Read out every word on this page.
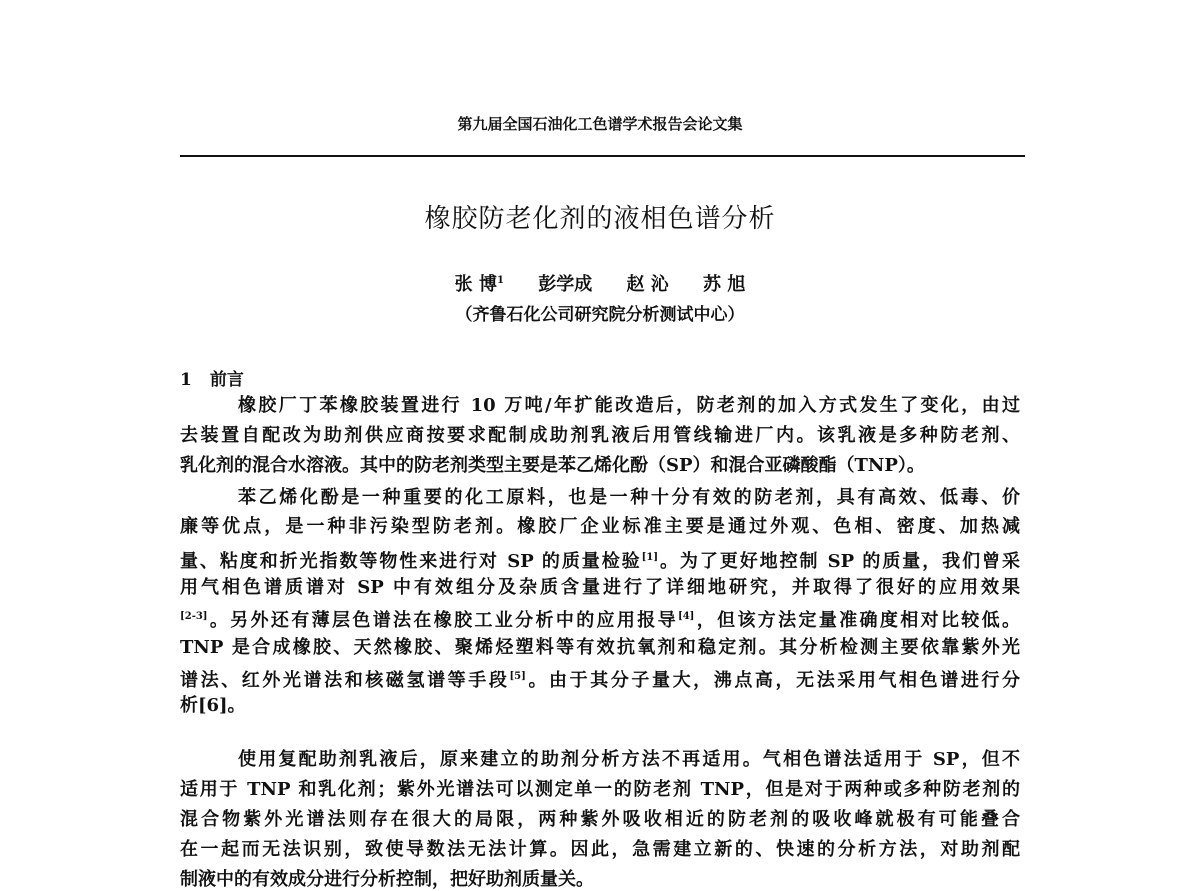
第九届全国石油化工色谱学术报告会论文集
橡胶防老化剂的液相色谱分析
张 博$^1$ 彭学成 赵 沁 苏 旭
（齐鲁石化公司研究院分析测试中心）
1 前言
橡胶厂丁苯橡胶装置进行 10 万吨/年扩能改造后，防老剂的加入方式发生了变化，由过
去装置自配改为助剂供应商按要求配制成助剂乳液后用管线输进厂内。该乳液是多种防老剂、
乳化剂的混合水溶液。其中的防老剂类型主要是苯乙烯化酚（SP）和混合亚磷酸酯（TNP）。
苯乙烯化酚是一种重要的化工原料，也是一种十分有效的防老剂，具有高效、低毒、价
廉等优点，是一种非污染型防老剂。橡胶厂企业标准主要是通过外观、色相、密度、加热减
量、粘度和折光指数等物性来进行对 SP 的质量检验[1]。为了更好地控制 SP 的质量，我们曾采
用气相色谱质谱对 SP 中有效组分及杂质含量进行了详细地研究，并取得了很好的应用效果
[2-3]。另外还有薄层色谱法在橡胶工业分析中的应用报导[4]，但该方法定量准确度相对比较低。
TNP 是合成橡胶、天然橡胶、聚烯烃塑料等有效抗氧剂和稳定剂。其分析检测主要依靠紫外光
谱法、红外光谱法和核磁氢谱等手段[5]。由于其分子量大，沸点高，无法采用气相色谱进行分
析[6]。
使用复配助剂乳液后，原来建立的助剂分析方法不再适用。气相色谱法适用于 SP，但不
适用于 TNP 和乳化剂；紫外光谱法可以测定单一的防老剂 TNP，但是对于两种或多种防老剂的
混合物紫外光谱法则存在很大的局限，两种紫外吸收相近的防老剂的吸收峰就极有可能叠合
在一起而无法识别，致使导数法无法计算。因此，急需建立新的、快速的分析方法，对助剂配
制液中的有效成分进行分析控制，把好助剂质量关。
